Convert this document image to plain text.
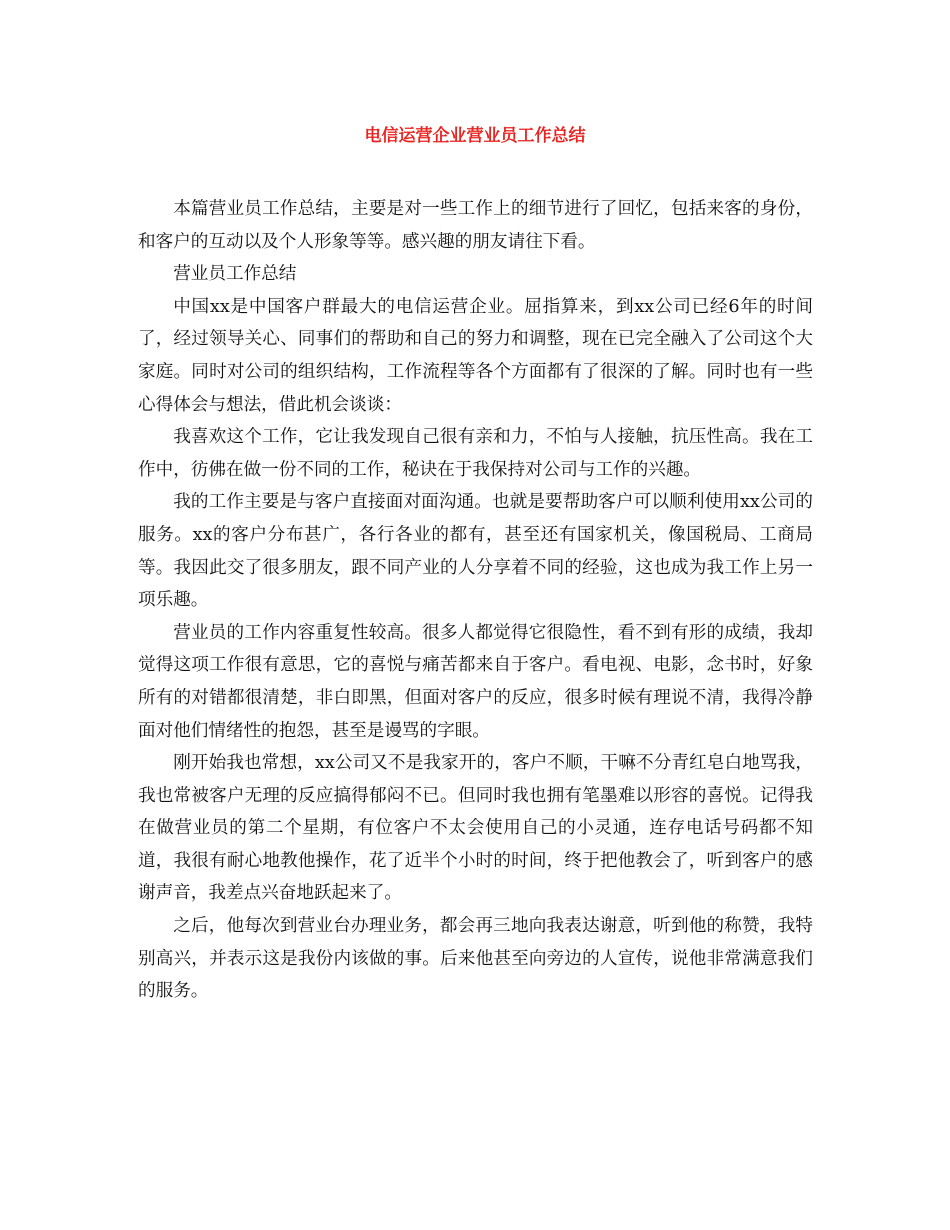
电信运营企业营业员工作总结

本篇营业员工作总结，主要是对一些工作上的细节进行了回忆，包括来客的身份，和客户的互动以及个人形象等等。感兴趣的朋友请往下看。

营业员工作总结

中国xx是中国客户群最大的电信运营企业。屈指算来，到xx公司已经6年的时间了，经过领导关心、同事们的帮助和自己的努力和调整，现在已完全融入了公司这个大家庭。同时对公司的组织结构，工作流程等各个方面都有了很深的了解。同时也有一些心得体会与想法，借此机会谈谈：

我喜欢这个工作，它让我发现自己很有亲和力，不怕与人接触，抗压性高。我在工作中，彷佛在做一份不同的工作，秘诀在于我保持对公司与工作的兴趣。

我的工作主要是与客户直接面对面沟通。也就是要帮助客户可以顺利使用xx公司的服务。xx的客户分布甚广，各行各业的都有，甚至还有国家机关，像国税局、工商局等。我因此交了很多朋友，跟不同产业的人分享着不同的经验，这也成为我工作上另一项乐趣。

营业员的工作内容重复性较高。很多人都觉得它很隐性，看不到有形的成绩，我却觉得这项工作很有意思，它的喜悦与痛苦都来自于客户。看电视、电影，念书时，好象所有的对错都很清楚，非白即黑，但面对客户的反应，很多时候有理说不清，我得冷静面对他们情绪性的抱怨，甚至是谩骂的字眼。

刚开始我也常想，xx公司又不是我家开的，客户不顺，干嘛不分青红皂白地骂我，我也常被客户无理的反应搞得郁闷不已。但同时我也拥有笔墨难以形容的喜悦。记得我在做营业员的第二个星期，有位客户不太会使用自己的小灵通，连存电话号码都不知道，我很有耐心地教他操作，花了近半个小时的时间，终于把他教会了，听到客户的感谢声音，我差点兴奋地跃起来了。

之后，他每次到营业台办理业务，都会再三地向我表达谢意，听到他的称赞，我特别高兴，并表示这是我份内该做的事。后来他甚至向旁边的人宣传，说他非常满意我们的服务。
